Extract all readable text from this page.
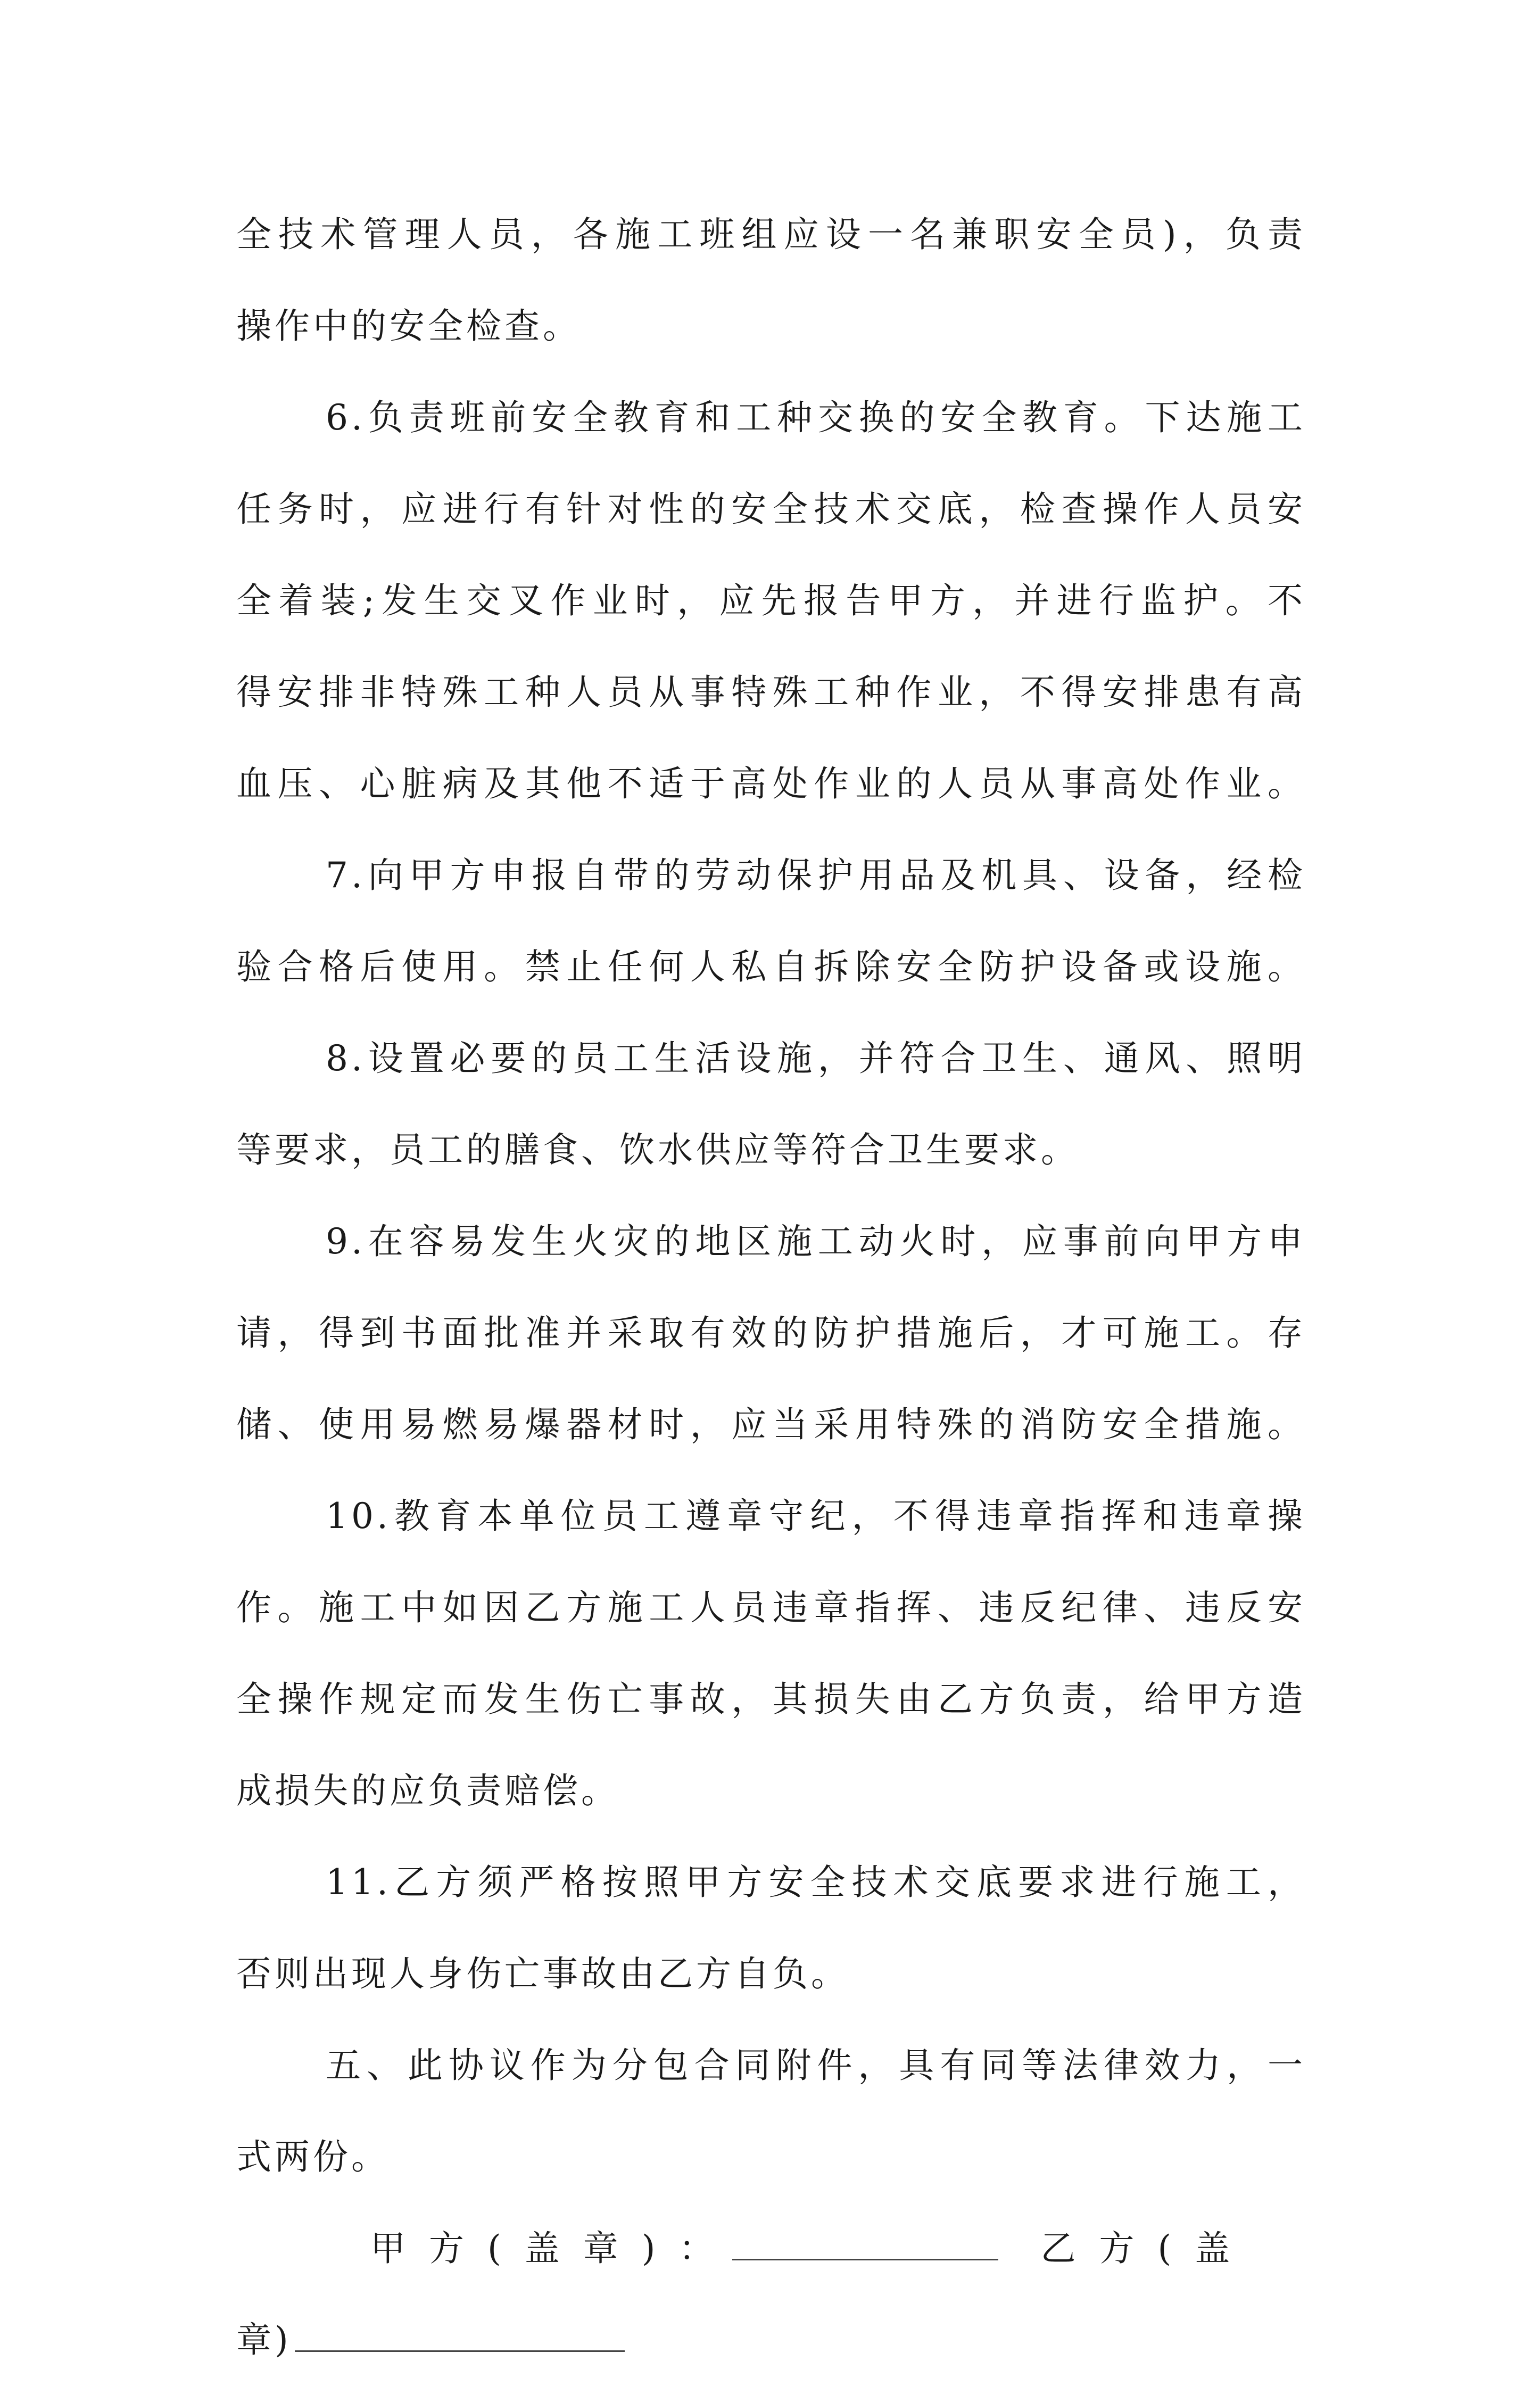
全技术管理人员，各施工班组应设一名兼职安全员)，负责
操作中的安全检查。
6.负责班前安全教育和工种交换的安全教育。下达施工
任务时，应进行有针对性的安全技术交底，检查操作人员安
全着装;发生交叉作业时，应先报告甲方，并进行监护。不
得安排非特殊工种人员从事特殊工种作业，不得安排患有高
血压、心脏病及其他不适于高处作业的人员从事高处作业。
7.向甲方申报自带的劳动保护用品及机具、设备，经检
验合格后使用。禁止任何人私自拆除安全防护设备或设施。
8.设置必要的员工生活设施，并符合卫生、通风、照明
等要求，员工的膳食、饮水供应等符合卫生要求。
9.在容易发生火灾的地区施工动火时，应事前向甲方申
请，得到书面批准并采取有效的防护措施后，才可施工。存
储、使用易燃易爆器材时，应当采用特殊的消防安全措施。
10.教育本单位员工遵章守纪，不得违章指挥和违章操
作。施工中如因乙方施工人员违章指挥、违反纪律、违反安
全操作规定而发生伤亡事故，其损失由乙方负责，给甲方造
成损失的应负责赔偿。
11.乙方须严格按照甲方安全技术交底要求进行施工，
否则出现人身伤亡事故由乙方自负。
五、此协议作为分包合同附件，具有同等法律效力，一
式两份。
甲方(盖章)：	乙方(盖
章)
